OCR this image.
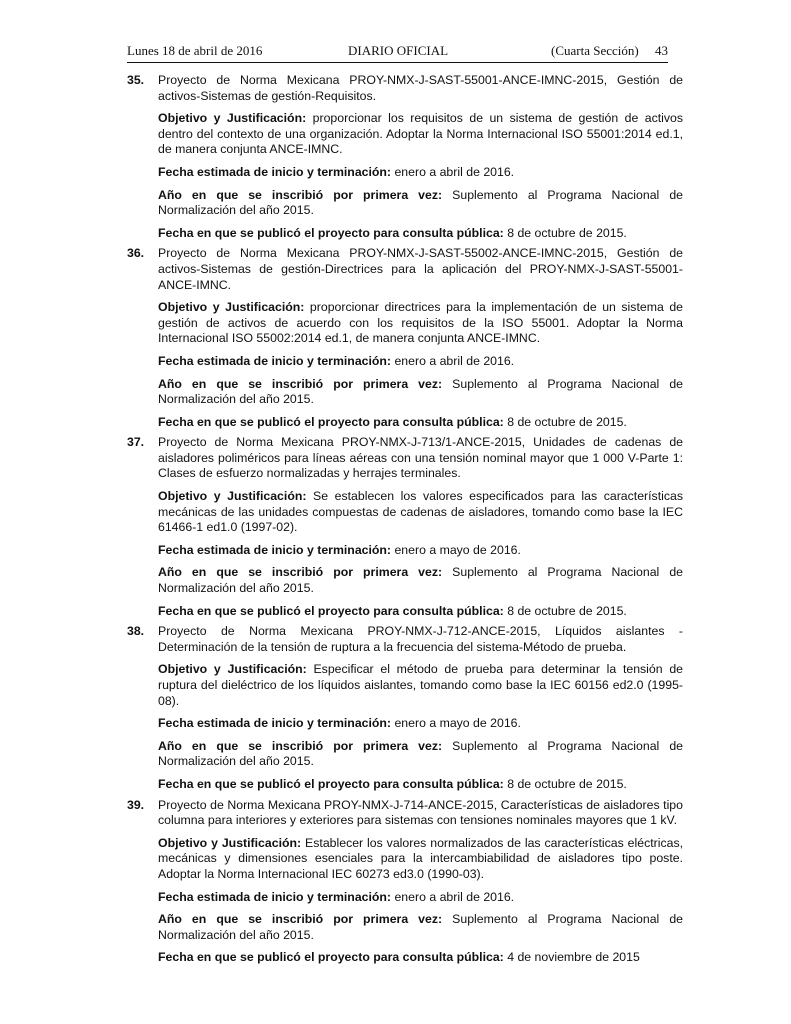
Lunes 18 de abril de 2016	DIARIO OFICIAL	(Cuarta Sección)     43
35. Proyecto de Norma Mexicana PROY-NMX-J-SAST-55001-ANCE-IMNC-2015, Gestión de activos-Sistemas de gestión-Requisitos.

Objetivo y Justificación: proporcionar los requisitos de un sistema de gestión de activos dentro del contexto de una organización. Adoptar la Norma Internacional ISO 55001:2014 ed.1, de manera conjunta ANCE-IMNC.

Fecha estimada de inicio y terminación: enero a abril de 2016.

Año en que se inscribió por primera vez: Suplemento al Programa Nacional de Normalización del año 2015.

Fecha en que se publicó el proyecto para consulta pública: 8 de octubre de 2015.

36. Proyecto de Norma Mexicana PROY-NMX-J-SAST-55002-ANCE-IMNC-2015, Gestión de activos-Sistemas de gestión-Directrices para la aplicación del PROY-NMX-J-SAST-55001-ANCE-IMNC.

Objetivo y Justificación: proporcionar directrices para la implementación de un sistema de gestión de activos de acuerdo con los requisitos de la ISO 55001. Adoptar la Norma Internacional ISO 55002:2014 ed.1, de manera conjunta ANCE-IMNC.

Fecha estimada de inicio y terminación: enero a abril de 2016.

Año en que se inscribió por primera vez: Suplemento al Programa Nacional de Normalización del año 2015.

Fecha en que se publicó el proyecto para consulta pública: 8 de octubre de 2015.

37. Proyecto de Norma Mexicana PROY-NMX-J-713/1-ANCE-2015, Unidades de cadenas de aisladores poliméricos para líneas aéreas con una tensión nominal mayor que 1 000 V-Parte 1: Clases de esfuerzo normalizadas y herrajes terminales.

Objetivo y Justificación: Se establecen los valores especificados para las características mecánicas de las unidades compuestas de cadenas de aisladores, tomando como base la IEC 61466-1 ed1.0 (1997-02).

Fecha estimada de inicio y terminación: enero a mayo de 2016.

Año en que se inscribió por primera vez: Suplemento al Programa Nacional de Normalización del año 2015.

Fecha en que se publicó el proyecto para consulta pública: 8 de octubre de 2015.

38. Proyecto de Norma Mexicana PROY-NMX-J-712-ANCE-2015, Líquidos aislantes - Determinación de la tensión de ruptura a la frecuencia del sistema-Método de prueba.

Objetivo y Justificación: Especificar el método de prueba para determinar la tensión de ruptura del dieléctrico de los líquidos aislantes, tomando como base la IEC 60156 ed2.0 (1995-08).

Fecha estimada de inicio y terminación: enero a mayo de 2016.

Año en que se inscribió por primera vez: Suplemento al Programa Nacional de Normalización del año 2015.

Fecha en que se publicó el proyecto para consulta pública: 8 de octubre de 2015.

39. Proyecto de Norma Mexicana PROY-NMX-J-714-ANCE-2015, Características de aisladores tipo columna para interiores y exteriores para sistemas con tensiones nominales mayores que 1 kV.

Objetivo y Justificación: Establecer los valores normalizados de las características eléctricas, mecánicas y dimensiones esenciales para la intercambiabilidad de aisladores tipo poste. Adoptar la Norma Internacional IEC 60273 ed3.0 (1990-03).

Fecha estimada de inicio y terminación: enero a abril de 2016.

Año en que se inscribió por primera vez: Suplemento al Programa Nacional de Normalización del año 2015.

Fecha en que se publicó el proyecto para consulta pública: 4 de noviembre de 2015
